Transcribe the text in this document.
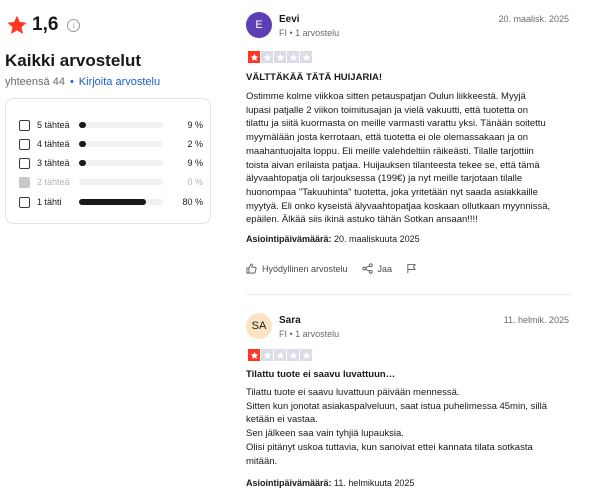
1,6	i
Kaikki arvostelut
yhteensä 44 • Kirjoita arvostelu
5 tähteä	9 %
4 tähteä	2 %
3 tähteä	9 %
2 tähteä	0 %
1 tähti	80 %
E	Eevi
FI • 1 arvostelu
20. maalisk. 2025
VÄLTTÄKÄÄ TÄTÄ HUIJARIA!
Ostimme kolme viikkoa sitten petauspatjan Oulun liikkeestä. Myyjä
lupasi patjalle 2 viikon toimitusajan ja vielä vakuutti, että tuotetta on
tilattu ja siitä kuormasta on meille varmasti varattu yksi. Tänään soitettu
myymälään josta kerrotaan, että tuotetta ei ole olemassakaan ja on
maahantuojalta loppu. Eli meille valehdeltiin räikeästi. Tilalle tarjottiin
toista aivan erilaista patjaa. Huijauksen tilanteesta tekee se, että tämä
älyvaahtopatja oli tarjouksessa (199€) ja nyt meille tarjotaan tilalle
huonompaa "Takuuhinta" tuotetta, joka yritetään nyt saada asiakkaille
myytyä. Eli onko kyseistä älyvaahtopatjaa koskaan ollutkaan myynnissä,
epäilen. Älkää siis ikinä astuko tähän Sotkan ansaan!!!!
Asiointipäivämäärä: 20. maaliskuuta 2025
Hyödyllinen arvostelu	Jaa
SA	Sara
FI • 1 arvostelu
11. helmik. 2025
Tilattu tuote ei saavu luvattuun…
Tilattu tuote ei saavu luvattuun päivään mennessä.
Sitten kun jonotat asiakaspalveluun, saat istua puhelimessa 45min, sillä
ketään ei vastaa.
Sen jälkeen saa vain tyhjiä lupauksia.
Olisi pitänyt uskoa tuttavia, kun sanoivat ettei kannata tilata sotkasta
mitään.
Asiointipäivämäärä: 11. helmikuuta 2025
